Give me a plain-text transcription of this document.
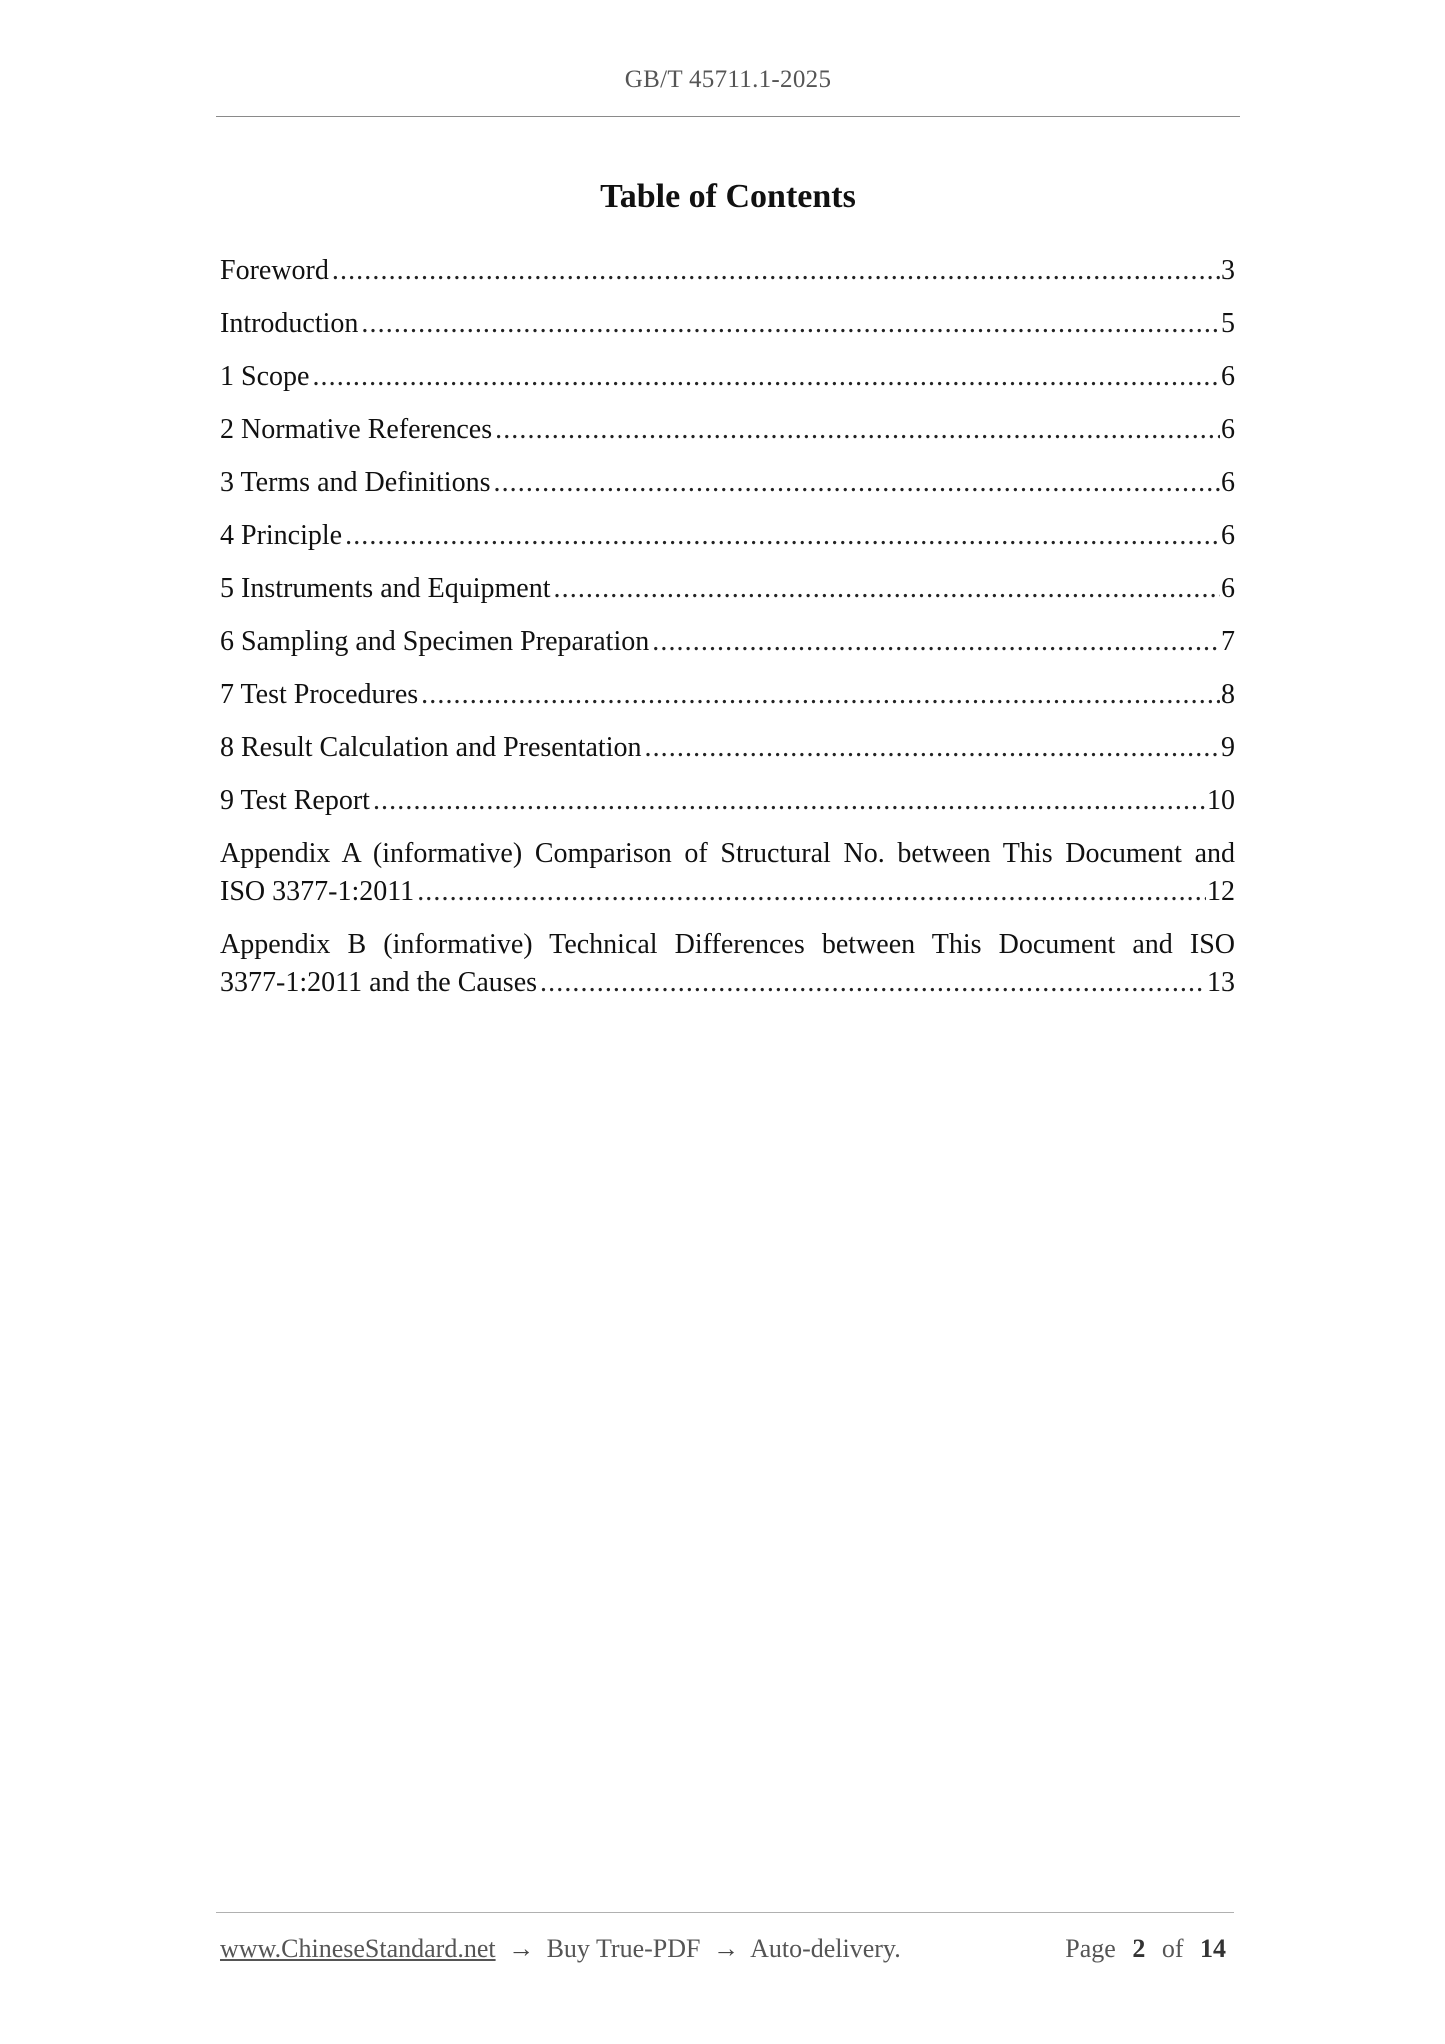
GB/T 45711.1-2025
Table of Contents
Foreword .....	3
Introduction .....	5
1 Scope .....	6
2 Normative References .....	6
3 Terms and Definitions .....	6
4 Principle .....	6
5 Instruments and Equipment .....	6
6 Sampling and Specimen Preparation .....	7
7 Test Procedures .....	8
8 Result Calculation and Presentation .....	9
9 Test Report .....	10
Appendix A (informative) Comparison of Structural No. between This Document and
ISO 3377-1:2011 .....	12
Appendix B (informative) Technical Differences between This Document and ISO
3377-1:2011 and the Causes .....	13
www.ChineseStandard.net → Buy True-PDF → Auto-delivery.	Page 2 of 14
